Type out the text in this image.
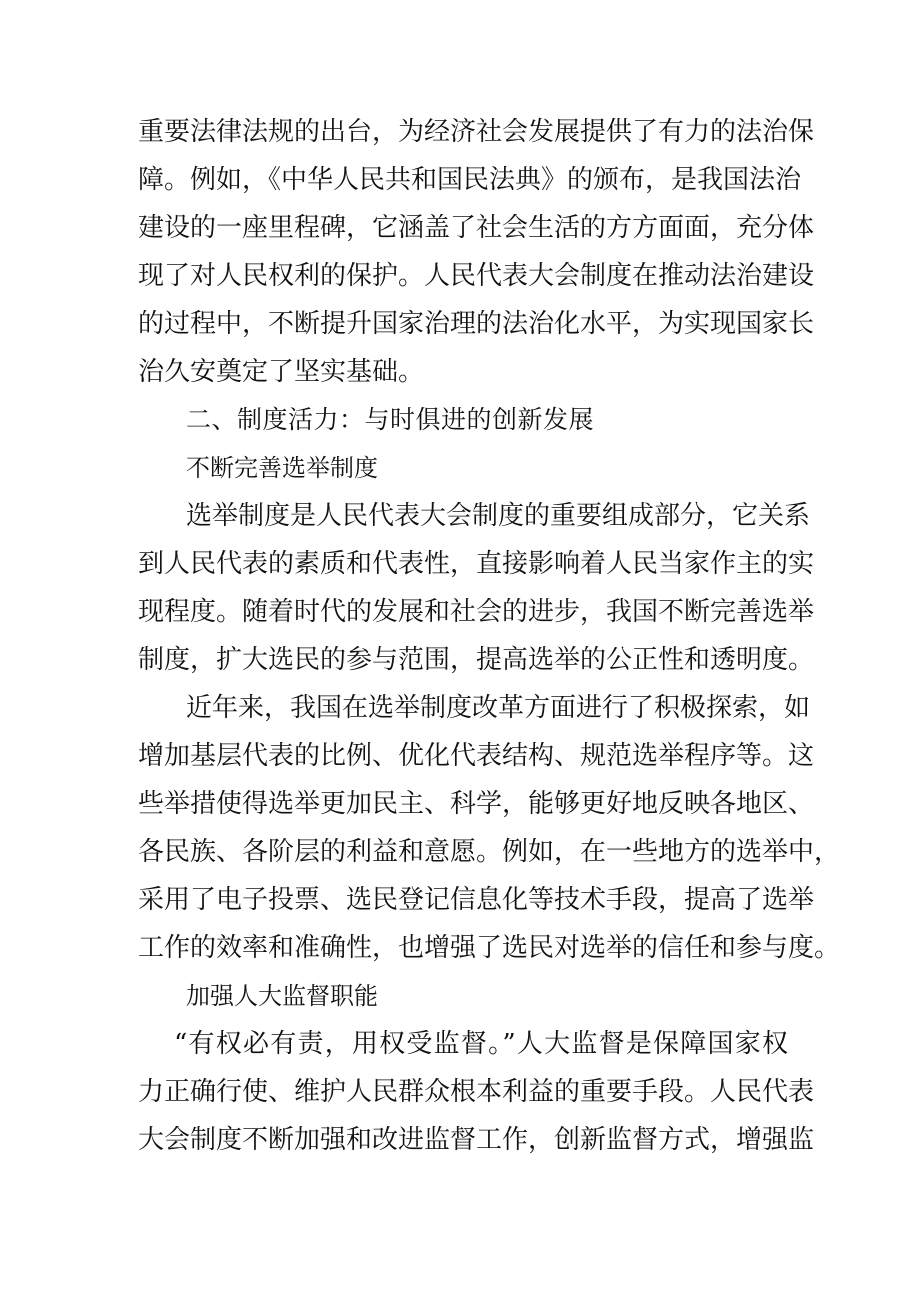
重要法律法规的出台，为经济社会发展提供了有力的法治保
障。例如，《中华人民共和国民法典》的颁布，是我国法治
建设的一座里程碑，它涵盖了社会生活的方方面面，充分体
现了对人民权利的保护。人民代表大会制度在推动法治建设
的过程中，不断提升国家治理的法治化水平，为实现国家长
治久安奠定了坚实基础。
二、制度活力：与时俱进的创新发展
不断完善选举制度
选举制度是人民代表大会制度的重要组成部分，它关系
到人民代表的素质和代表性，直接影响着人民当家作主的实
现程度。随着时代的发展和社会的进步，我国不断完善选举
制度，扩大选民的参与范围，提高选举的公正性和透明度。
近年来，我国在选举制度改革方面进行了积极探索，如
增加基层代表的比例、优化代表结构、规范选举程序等。这
些举措使得选举更加民主、科学，能够更好地反映各地区、
各民族、各阶层的利益和意愿。例如，在一些地方的选举中，
采用了电子投票、选民登记信息化等技术手段，提高了选举
工作的效率和准确性，也增强了选民对选举的信任和参与度。
加强人大监督职能
“有权必有责，用权受监督。”人大监督是保障国家权
力正确行使、维护人民群众根本利益的重要手段。人民代表
大会制度不断加强和改进监督工作，创新监督方式，增强监
